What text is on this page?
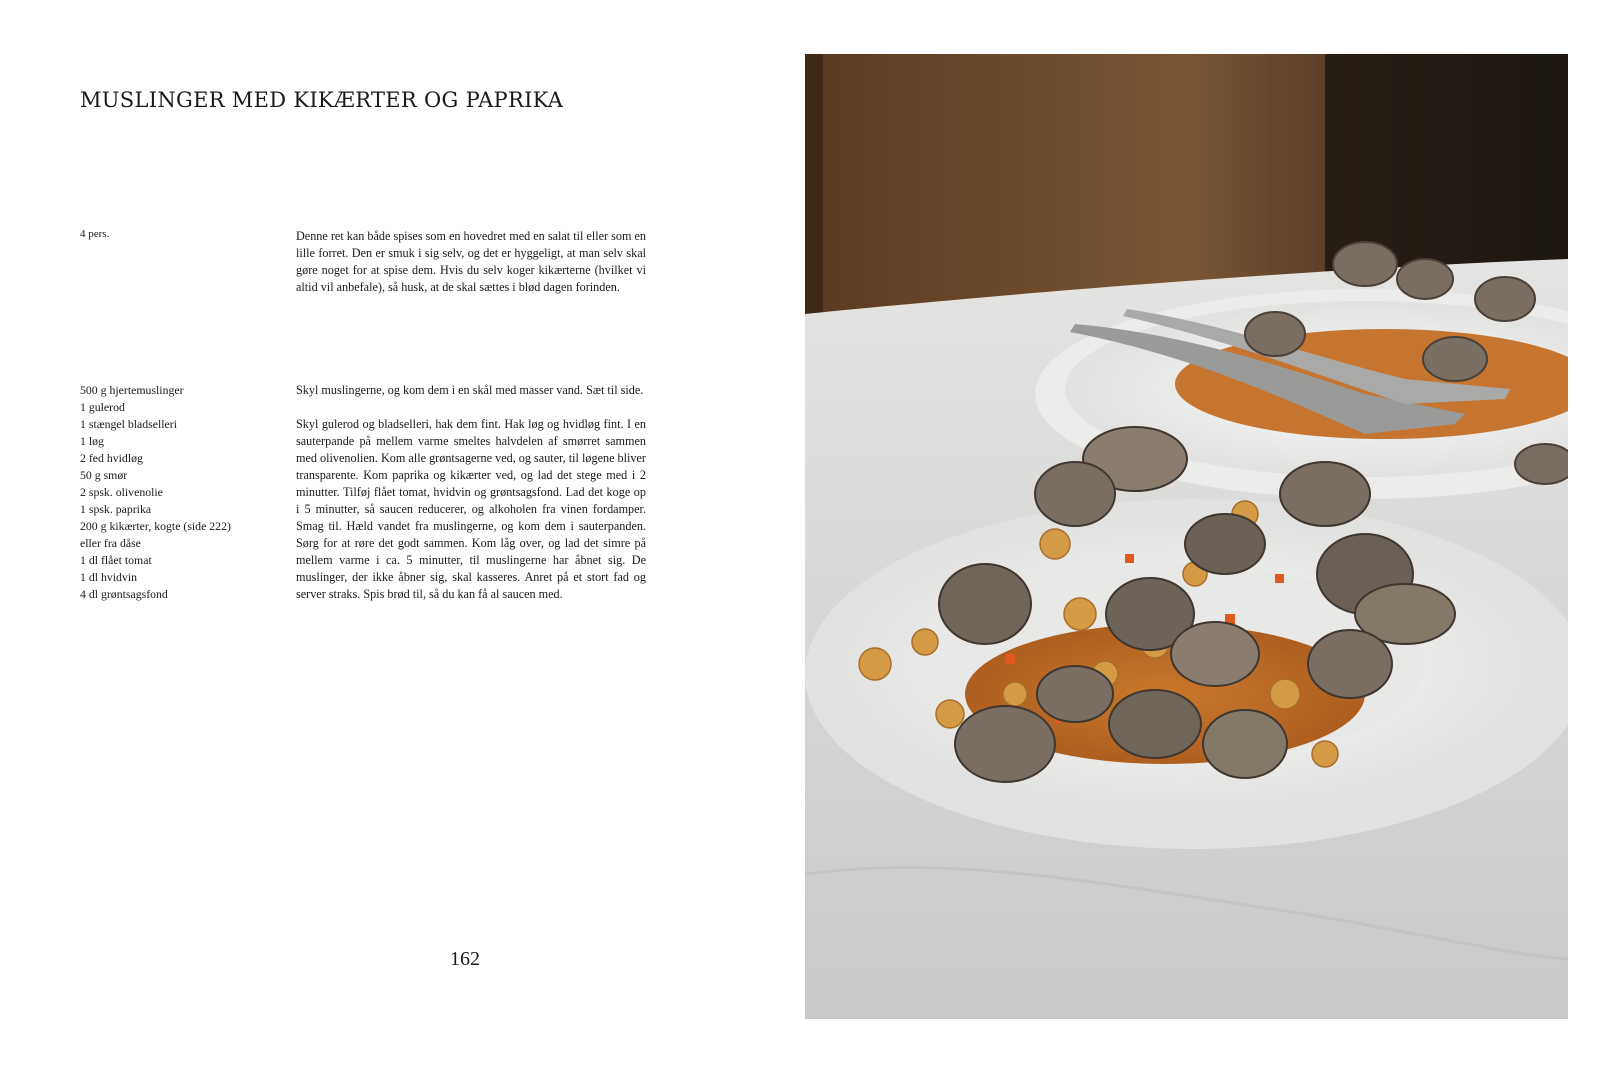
MUSLINGER MED KIKÆRTER OG PAPRIKA
4 pers.	Denne ret kan både spises som en hovedret med en salat til eller som en lille forret. Den er smuk i sig selv, og det er hyggeligt, at man selv skal gøre noget for at spise dem. Hvis du selv koger kikærterne (hvilket vi altid vil anbefale), så husk, at de skal sættes i blød dagen forinden.
500 g hjertemuslinger
1 gulerod
1 stængel bladselleri
1 løg
2 fed hvidløg
50 g smør
2 spsk. olivenolie
1 spsk. paprika
200 g kikærter, kogte (side 222)
eller fra dåse
1 dl flået tomat
1 dl hvidvin
4 dl grøntsagsfond

Skyl muslingerne, og kom dem i en skål med masser vand. Sæt til side.

Skyl gulerod og bladselleri, hak dem fint. Hak løg og hvidløg fint. I en sauterpande på mellem varme smeltes halvdelen af smørret sammen med olivenolien. Kom alle grøntsagerne ved, og sauter, til løgene bliver transparente. Kom paprika og kikærter ved, og lad det stege med i 2 minutter. Tilføj flået tomat, hvidvin og grøntsagsfond. Lad det koge op i 5 minutter, så saucen reducerer, og alkoholen fra vinen fordamper. Smag til. Hæld vandet fra muslingerne, og kom dem i sauterpanden. Sørg for at røre det godt sammen. Kom låg over, og lad det simre på mellem varme i ca. 5 minutter, til muslingerne har åbnet sig. De muslinger, der ikke åbner sig, skal kasseres. Anret på et stort fad og server straks. Spis brød til, så du kan få al saucen med.

162
